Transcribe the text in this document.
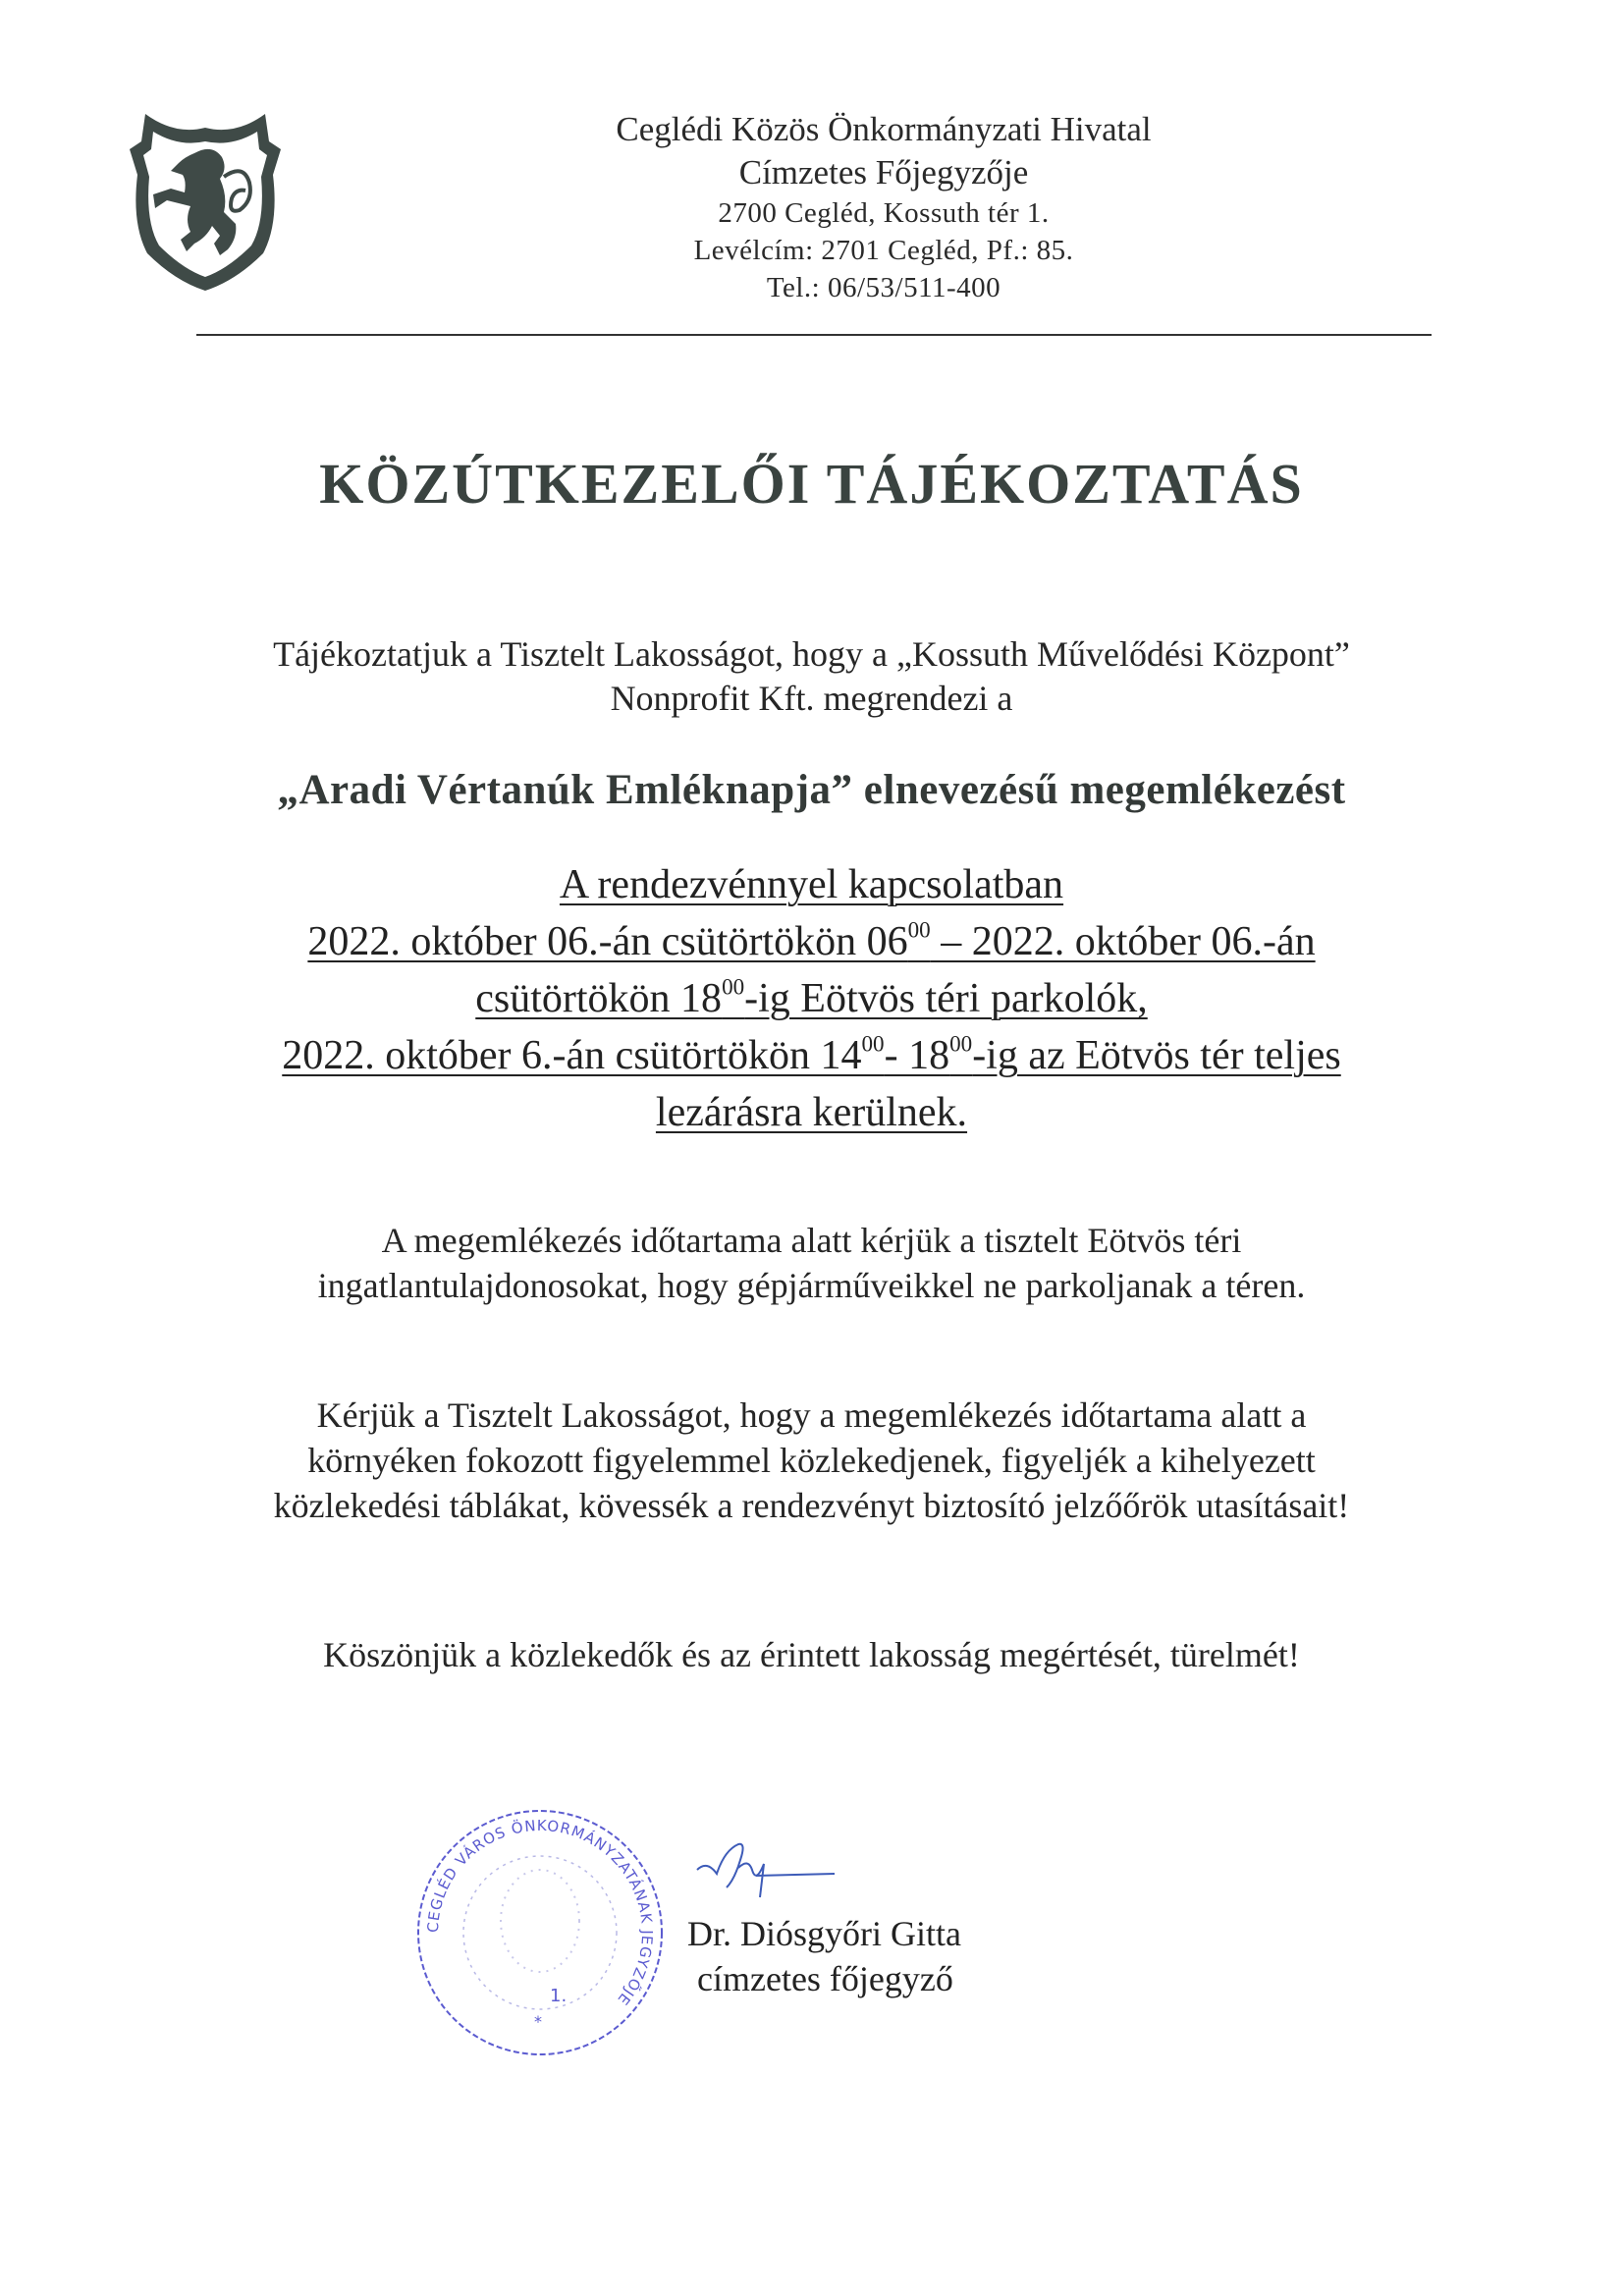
Ceglédi Közös Önkormányzati Hivatal
Címzetes Főjegyzője
2700 Cegléd, Kossuth tér 1.
Levélcím: 2701 Cegléd, Pf.: 85.
Tel.: 06/53/511-400
KÖZÚTKEZELŐI TÁJÉKOZTATÁS
Tájékoztatjuk a Tisztelt Lakosságot, hogy a „Kossuth Művelődési Központ”
Nonprofit Kft. megrendezi a
„Aradi Vértanúk Emléknapja” elnevezésű megemlékezést
A rendezvénnyel kapcsolatban
2022. október 06.-án csütörtökön $06^{00} - 2022$. október 06.-án
csütörtökön $18^{00}-ig$ Eötvös téri parkolók,
2022. október 6.-án csütörtökön $14^{00}-$ $18^{00}-ig$ az Eötvös tér teljes
lezárásra kerülnek.
A megemlékezés időtartama alatt kérjük a tisztelt Eötvös téri
ingatlantulajdonosokat, hogy gépjárműveikkel ne parkoljanak a téren.
Kérjük a Tisztelt Lakosságot, hogy a megemlékezés időtartama alatt a
környéken fokozott figyelemmel közlekedjenek, figyeljék a kihelyezett
közlekedési táblákat, kövessék a rendezvényt biztosító jelzőőrök utasításait!
Köszönjük a közlekedők és az érintett lakosság megértését, türelmét!
CEGLÉD VÁROS ÖNKORMÁNYZATÁNAK JEGYZŐJE
1.
*
Dr. Diósgyőri Gitta
címzetes főjegyző
